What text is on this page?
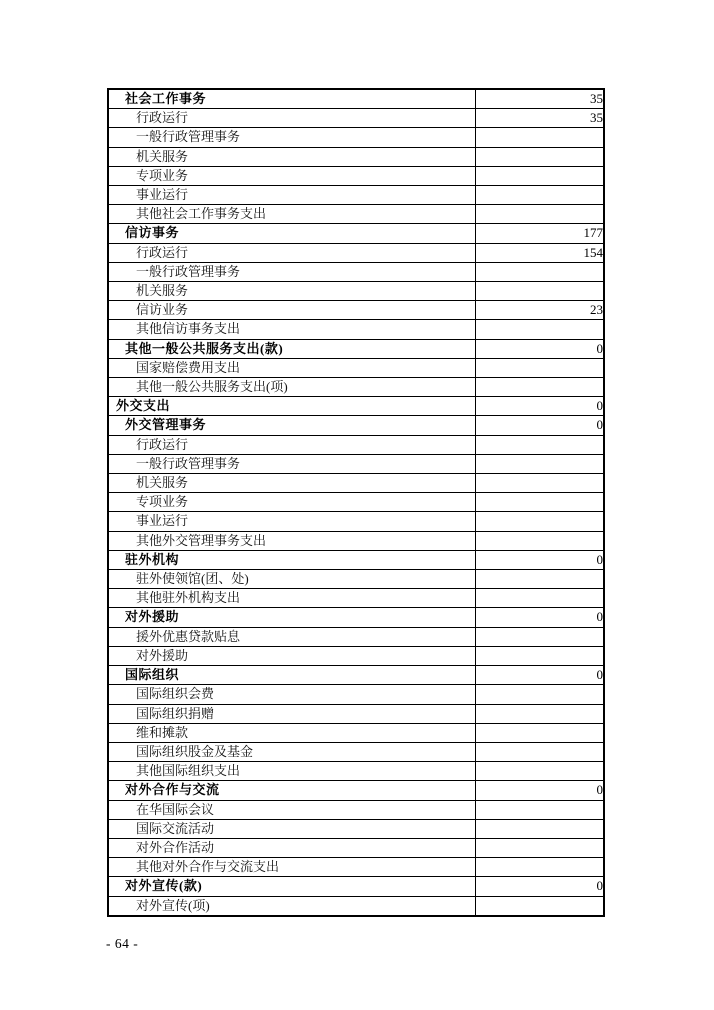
社会工作事务	35
行政运行	35
一般行政管理事务	
机关服务	
专项业务	
事业运行	
其他社会工作事务支出	
信访事务	177
行政运行	154
一般行政管理事务	
机关服务	
信访业务	23
其他信访事务支出	
其他一般公共服务支出(款)	0
国家赔偿费用支出	
其他一般公共服务支出(项)	
外交支出	0
外交管理事务	0
行政运行	
一般行政管理事务	
机关服务	
专项业务	
事业运行	
其他外交管理事务支出	
驻外机构	0
驻外使领馆(团、处)	
其他驻外机构支出	
对外援助	0
援外优惠贷款贴息	
对外援助	
国际组织	0
国际组织会费	
国际组织捐赠	
维和摊款	
国际组织股金及基金	
其他国际组织支出	
对外合作与交流	0
在华国际会议	
国际交流活动	
对外合作活动	
其他对外合作与交流支出	
对外宣传(款)	0
对外宣传(项)	
- 64 -
